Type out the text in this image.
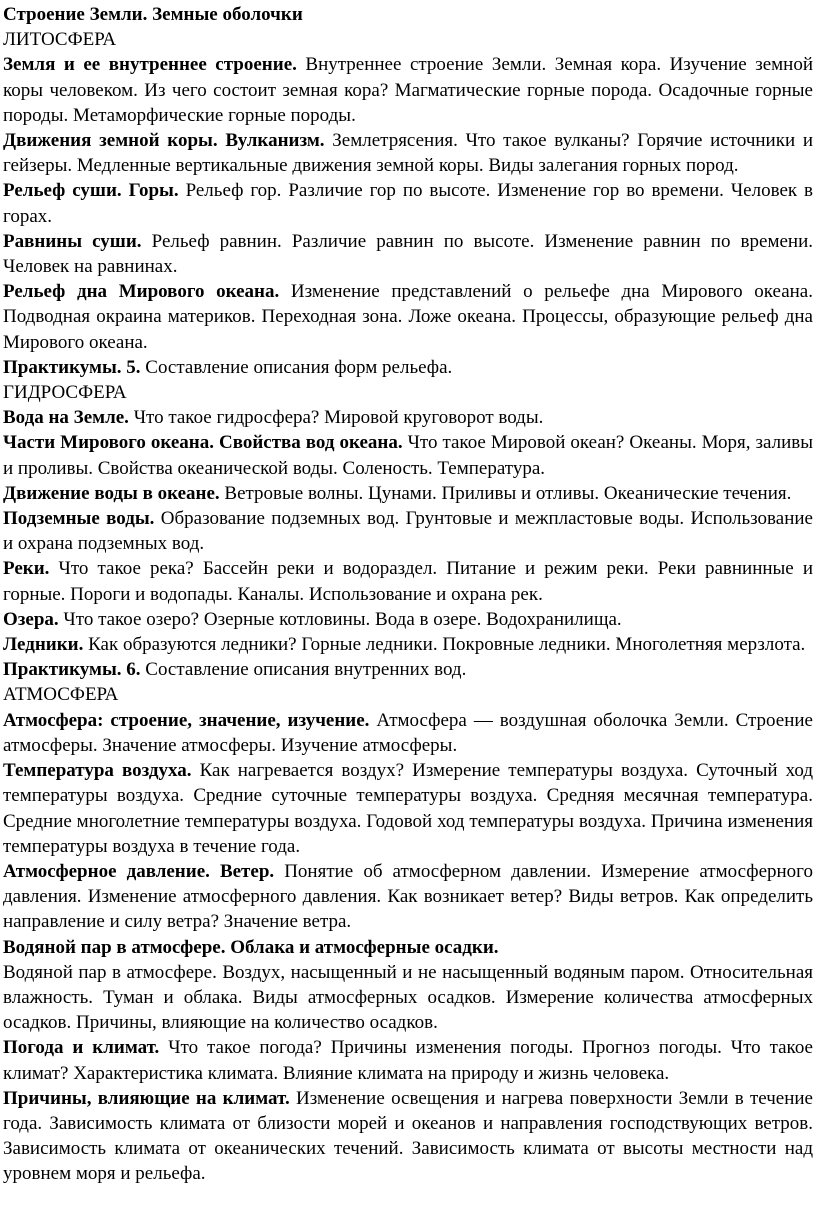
Строение Земли. Земные оболочки
ЛИТОСФЕРА
Земля и ее внутреннее строение. Внутреннее строение Земли. Земная кора. Изучение земной коры человеком. Из чего состоит земная кора? Магматические горные порода. Осадочные горные породы. Метаморфические горные породы.
Движения земной коры. Вулканизм. Землетрясения. Что такое вулканы? Горячие источники и гейзеры. Медленные вертикальные движения земной коры. Виды залегания горных пород.
Рельеф суши. Горы. Рельеф гор. Различие гор по высоте. Изменение гор во времени. Человек в горах.
Равнины суши. Рельеф равнин. Различие равнин по высоте. Изменение равнин по времени. Человек на равнинах.
Рельеф дна Мирового океана. Изменение представлений о рельефе дна Мирового океана. Подводная окраина материков. Переходная зона. Ложе океана. Процессы, образующие рельеф дна Мирового океана.
Практикумы. 5. Составление описания форм рельефа.
ГИДРОСФЕРА
Вода на Земле. Что такое гидросфера? Мировой круговорот воды.
Части Мирового океана. Свойства вод океана. Что такое Мировой океан? Океаны. Моря, заливы и проливы. Свойства океанической воды. Соленость. Температура.
Движение воды в океане. Ветровые волны. Цунами. Приливы и отливы. Океанические течения.
Подземные воды. Образование подземных вод. Грунтовые и межпластовые воды. Использование и охрана подземных вод.
Реки. Что такое река? Бассейн реки и водораздел. Питание и режим реки. Реки равнинные и горные. Пороги и водопады. Каналы. Использование и охрана рек.
Озера. Что такое озеро? Озерные котловины. Вода в озере. Водохранилища.
Ледники. Как образуются ледники? Горные ледники. Покровные ледники. Многолетняя мерзлота.
Практикумы. 6. Составление описания внутренних вод.
АТМОСФЕРА
Атмосфера: строение, значение, изучение. Атмосфера — воздушная оболочка Земли. Строение атмосферы. Значение атмосферы. Изучение атмосферы.
Температура воздуха. Как нагревается воздух? Измерение температуры воздуха. Суточный ход температуры воздуха. Средние суточные температуры воздуха. Средняя месячная температура. Средние многолетние температуры воздуха. Годовой ход температуры воздуха. Причина изменения температуры воздуха в течение года.
Атмосферное давление. Ветер. Понятие об атмосферном давлении. Измерение атмосферного давления. Изменение атмосферного давления. Как возникает ветер? Виды ветров. Как определить направление и силу ветра? Значение ветра.
Водяной пар в атмосфере. Облака и атмосферные осадки.
Водяной пар в атмосфере. Воздух, насыщенный и не насыщенный водяным паром. Относительная влажность. Туман и облака. Виды атмосферных осадков. Измерение количества атмосферных осадков. Причины, влияющие на количество осадков.
Погода и климат. Что такое погода? Причины изменения погоды. Прогноз погоды. Что такое климат? Характеристика климата. Влияние климата на природу и жизнь человека.
Причины, влияющие на климат. Изменение освещения и нагрева поверхности Земли в течение года. Зависимость климата от близости морей и океанов и направления господствующих ветров. Зависимость климата от океанических течений. Зависимость климата от высоты местности над уровнем моря и рельефа.
